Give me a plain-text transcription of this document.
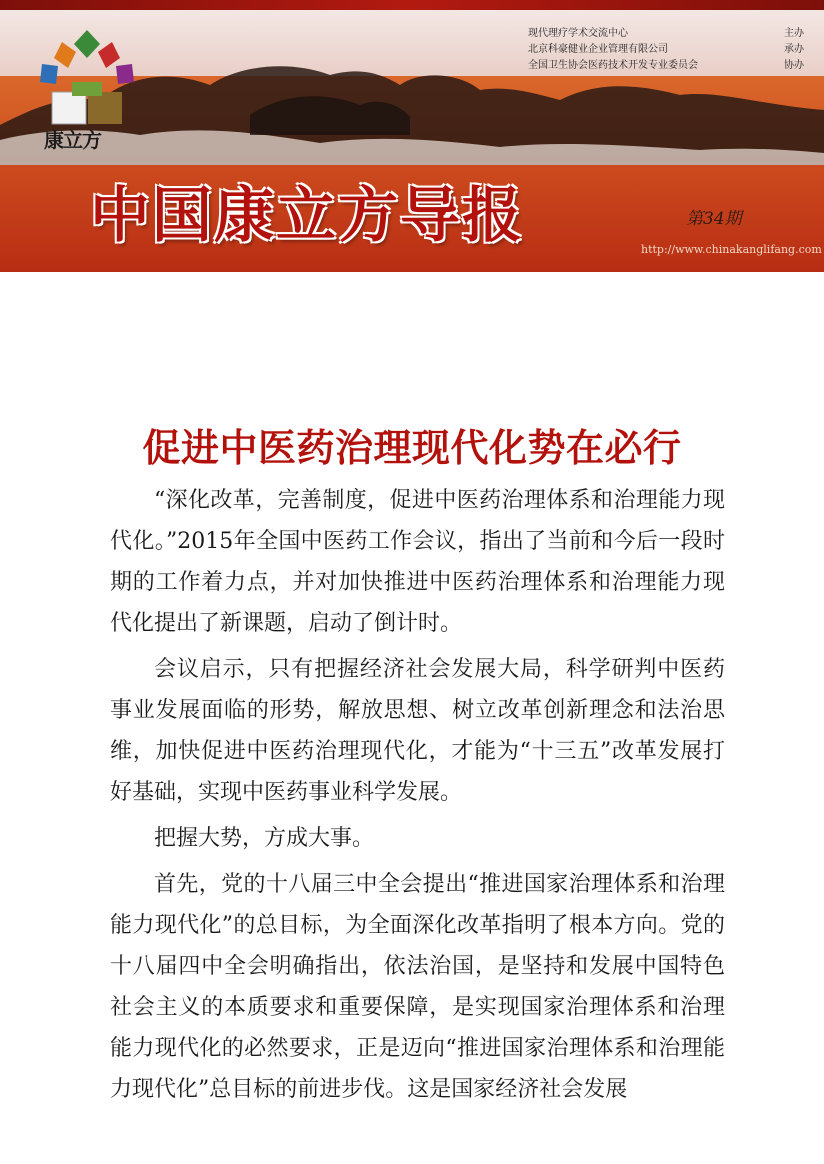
现代理疗学术交流中心	主办
北京科豪健业企业管理有限公司	承办
全国卫生协会医药技术开发专业委员会	协办
康立方
中国康立方导报	第34期
http://www.chinakanglifang.com
促进中医药治理现代化势在必行

“深化改革，完善制度，促进中医药治理体系和治理能力现代化。”2015年全国中医药工作会议，指出了当前和今后一段时期的工作着力点，并对加快推进中医药治理体系和治理能力现代化提出了新课题，启动了倒计时。

会议启示，只有把握经济社会发展大局，科学研判中医药事业发展面临的形势，解放思想、树立改革创新理念和法治思维，加快促进中医药治理现代化，才能为“十三五”改革发展打好基础，实现中医药事业科学发展。

把握大势，方成大事。

首先，党的十八届三中全会提出“推进国家治理体系和治理能力现代化”的总目标，为全面深化改革指明了根本方向。党的十八届四中全会明确指出，依法治国，是坚持和发展中国特色社会主义的本质要求和重要保障，是实现国家治理体系和治理能力现代化的必然要求，正是迈向“推进国家治理体系和治理能力现代化”总目标的前进步伐。这是国家经济社会发展
